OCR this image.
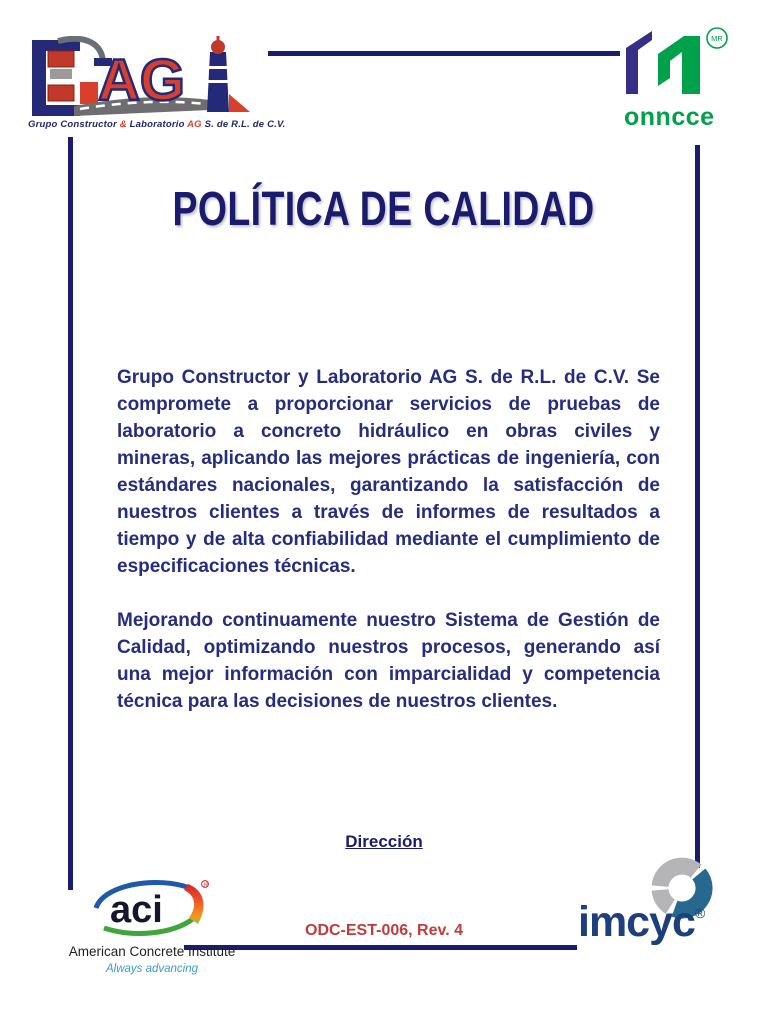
AG
Grupo Constructor & Laboratorio AG S. de R.L. de C.V.
MR
onncce
POLÍTICA DE CALIDAD

Grupo Constructor y Laboratorio AG S. de R.L. de C.V. Se compromete a proporcionar servicios de pruebas de laboratorio a concreto hidráulico en obras civiles y mineras, aplicando las mejores prácticas de ingeniería, con estándares nacionales, garantizando la satisfacción de nuestros clientes a través de informes de resultados a tiempo y de alta confiabilidad mediante el cumplimiento de especificaciones técnicas.

Mejorando continuamente nuestro Sistema de Gestión de Calidad, optimizando nuestros procesos, generando así una mejor información con imparcialidad y competencia técnica para las decisiones de nuestros clientes.

Dirección
R
aci
American Concrete Institute
Always advancing
ODC-EST-006, Rev. 4	imcyc®
